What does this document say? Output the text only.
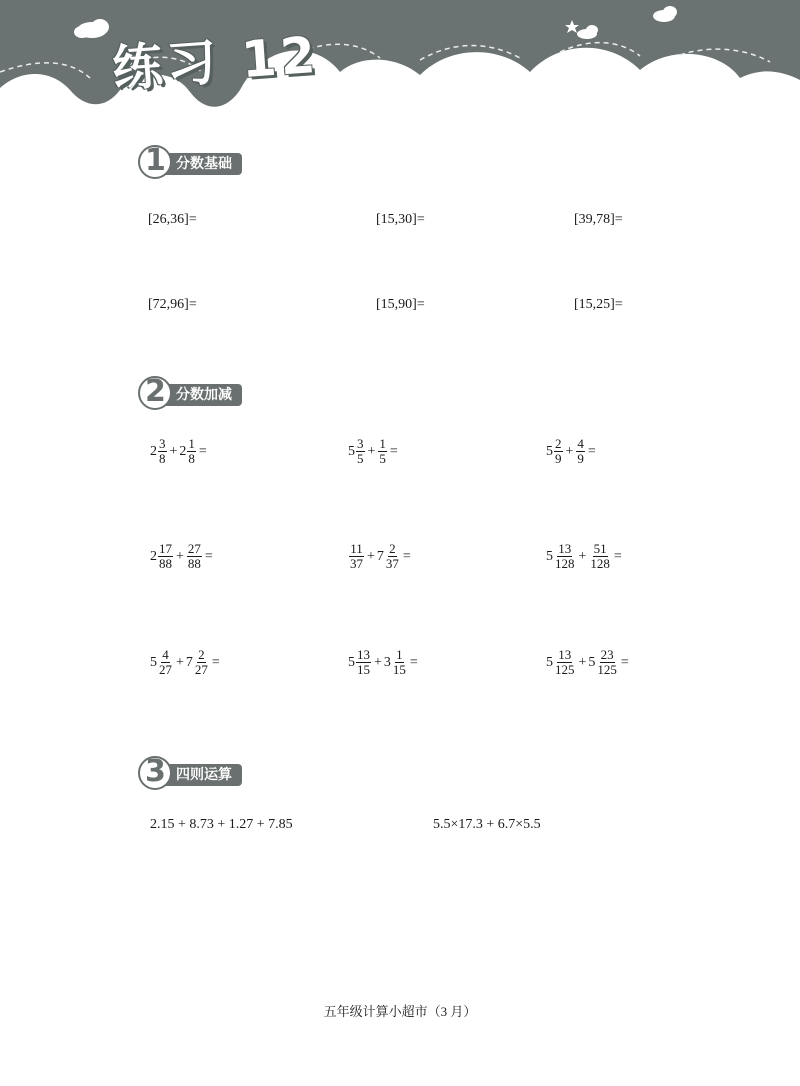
练习 12
分数基础
1
[26,36]=	[15,30]=	[39,78]=
[72,96]=	[15,90]=	[15,25]=
分数加减
2
$2 \frac{3}{8} + 2 \frac{1}{8}$ =	$5 \frac{3}{5} + \frac{1}{5}$ =	$5 \frac{2}{9} + \frac{4}{9}$ =
$2 \frac{17}{88} + \frac{27}{88}$ =	$\frac{11}{37} + 7 \frac{2}{37}$ =	$5 \frac{13}{128} + \frac{51}{128}$ =
$5 \frac{4}{27} + 7 \frac{2}{27}$ =	$5 \frac{13}{15} + 3 \frac{1}{15}$ =	$5 \frac{13}{125} + 5 \frac{23}{125}$ =
四则运算
3
2.15 + 8.73 + 1.27 + 7.85	5.5×17.3 + 6.7×5.5
五年级计算小超市（3 月）
